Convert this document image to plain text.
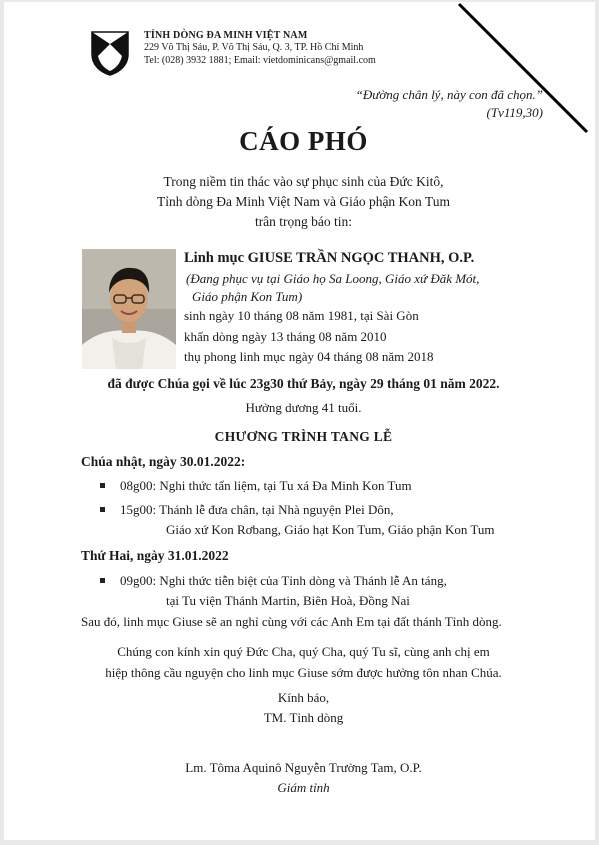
TỈNH DÒNG ĐA MINH VIỆT NAM
229 Võ Thị Sáu, P. Võ Thị Sáu, Q. 3, TP. Hồ Chí Minh
Tel: (028) 3932 1881; Email: vietdominicans@gmail.com
“Đường chân lý, này con đã chọn.”
(Tv119,30)
CÁO PHÓ
Trong niềm tin thác vào sự phục sinh của Đức Kitô,
Tỉnh dòng Đa Minh Việt Nam và Giáo phận Kon Tum
trân trọng báo tin:
Linh mục GIUSE TRẦN NGỌC THANH, O.P.
(Đang phục vụ tại Giáo họ Sa Loong, Giáo xứ Đăk Mót,
Giáo phận Kon Tum)
sinh ngày 10 tháng 08 năm 1981, tại Sài Gòn
khấn dòng ngày 13 tháng 08 năm 2010
thụ phong linh mục ngày 04 tháng 08 năm 2018
đã được Chúa gọi về lúc 23g30 thứ Bảy, ngày 29 tháng 01 năm 2022.
Hưởng dương 41 tuổi.
CHƯƠNG TRÌNH TANG LỄ
Chúa nhật, ngày 30.01.2022:
08g00: Nghi thức tẩn liệm, tại Tu xá Đa Minh Kon Tum
15g00: Thánh lễ đưa chân, tại Nhà nguyện Plei Dôn,
Giáo xứ Kon Rơbang, Giáo hạt Kon Tum, Giáo phận Kon Tum
Thứ Hai, ngày 31.01.2022
09g00: Nghi thức tiễn biệt của Tỉnh dòng và Thánh lễ An táng,
tại Tu viện Thánh Martin, Biên Hoà, Đồng Nai
Sau đó, linh mục Giuse sẽ an nghỉ cùng với các Anh Em tại đất thánh Tỉnh dòng.
Chúng con kính xin quý Đức Cha, quý Cha, quý Tu sĩ, cùng anh chị em
hiệp thông cầu nguyện cho linh mục Giuse sớm được hưởng tôn nhan Chúa.
Kính báo,
TM. Tỉnh dòng
Lm. Tôma Aquinô Nguyễn Trường Tam, O.P.
Giám tỉnh
